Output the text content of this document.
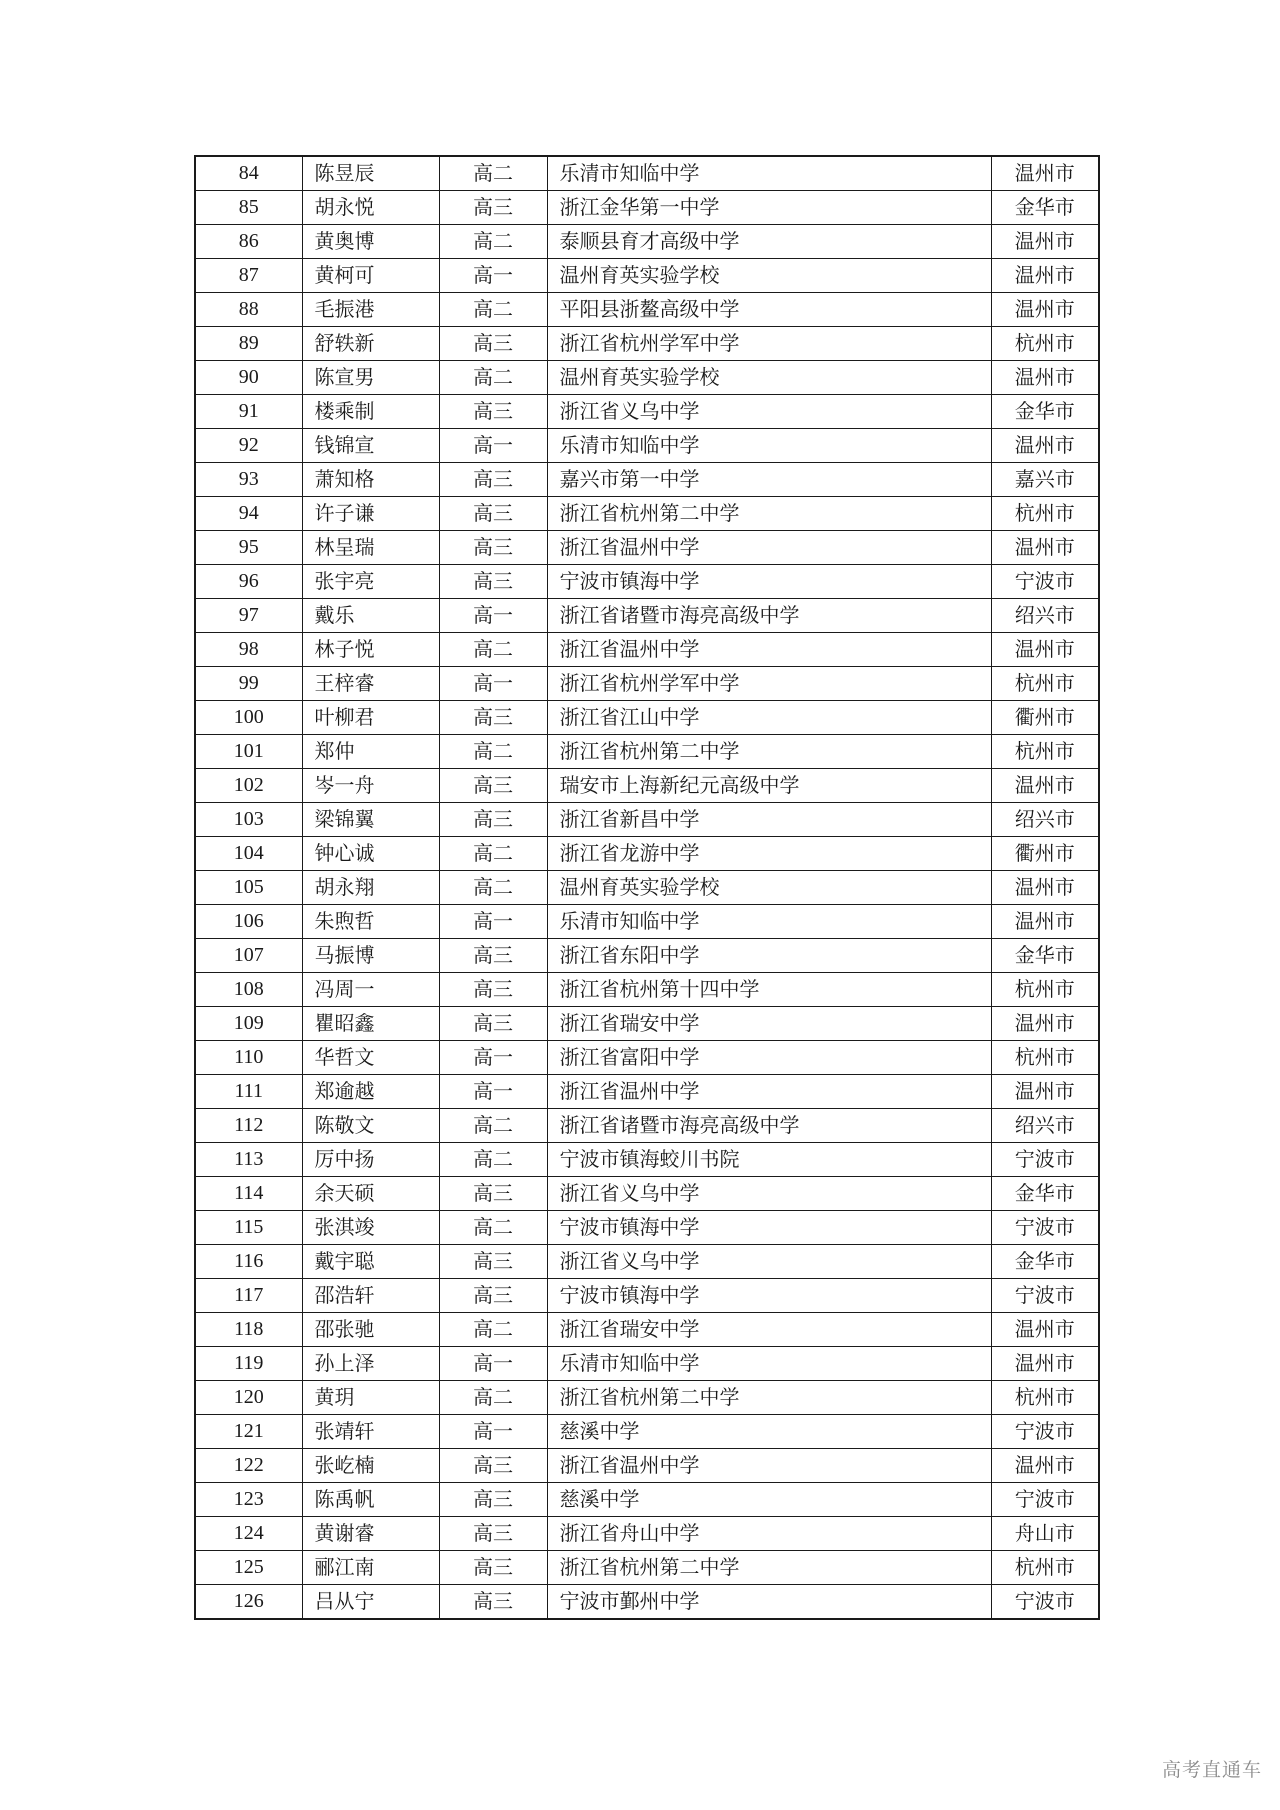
84	陈昱辰	高二	乐清市知临中学	温州市
85	胡永悦	高三	浙江金华第一中学	金华市
86	黄奥博	高二	泰顺县育才高级中学	温州市
87	黄柯可	高一	温州育英实验学校	温州市
88	毛振港	高二	平阳县浙鳌高级中学	温州市
89	舒轶新	高三	浙江省杭州学军中学	杭州市
90	陈宣男	高二	温州育英实验学校	温州市
91	楼乘制	高三	浙江省义乌中学	金华市
92	钱锦宣	高一	乐清市知临中学	温州市
93	萧知格	高三	嘉兴市第一中学	嘉兴市
94	许子谦	高三	浙江省杭州第二中学	杭州市
95	林呈瑞	高三	浙江省温州中学	温州市
96	张宇亮	高三	宁波市镇海中学	宁波市
97	戴乐	高一	浙江省诸暨市海亮高级中学	绍兴市
98	林子悦	高二	浙江省温州中学	温州市
99	王梓睿	高一	浙江省杭州学军中学	杭州市
100	叶柳君	高三	浙江省江山中学	衢州市
101	郑仲	高二	浙江省杭州第二中学	杭州市
102	岑一舟	高三	瑞安市上海新纪元高级中学	温州市
103	梁锦翼	高三	浙江省新昌中学	绍兴市
104	钟心诚	高二	浙江省龙游中学	衢州市
105	胡永翔	高二	温州育英实验学校	温州市
106	朱煦哲	高一	乐清市知临中学	温州市
107	马振博	高三	浙江省东阳中学	金华市
108	冯周一	高三	浙江省杭州第十四中学	杭州市
109	瞿昭鑫	高三	浙江省瑞安中学	温州市
110	华哲文	高一	浙江省富阳中学	杭州市
111	郑逾越	高一	浙江省温州中学	温州市
112	陈敬文	高二	浙江省诸暨市海亮高级中学	绍兴市
113	厉中扬	高二	宁波市镇海蛟川书院	宁波市
114	余天硕	高三	浙江省义乌中学	金华市
115	张淇竣	高二	宁波市镇海中学	宁波市
116	戴宇聪	高三	浙江省义乌中学	金华市
117	邵浩轩	高三	宁波市镇海中学	宁波市
118	邵张驰	高二	浙江省瑞安中学	温州市
119	孙上泽	高一	乐清市知临中学	温州市
120	黄玥	高二	浙江省杭州第二中学	杭州市
121	张靖轩	高一	慈溪中学	宁波市
122	张屹楠	高三	浙江省温州中学	温州市
123	陈禹帆	高三	慈溪中学	宁波市
124	黄谢睿	高三	浙江省舟山中学	舟山市
125	郦江南	高三	浙江省杭州第二中学	杭州市
126	吕从宁	高三	宁波市鄞州中学	宁波市
高考直通车
